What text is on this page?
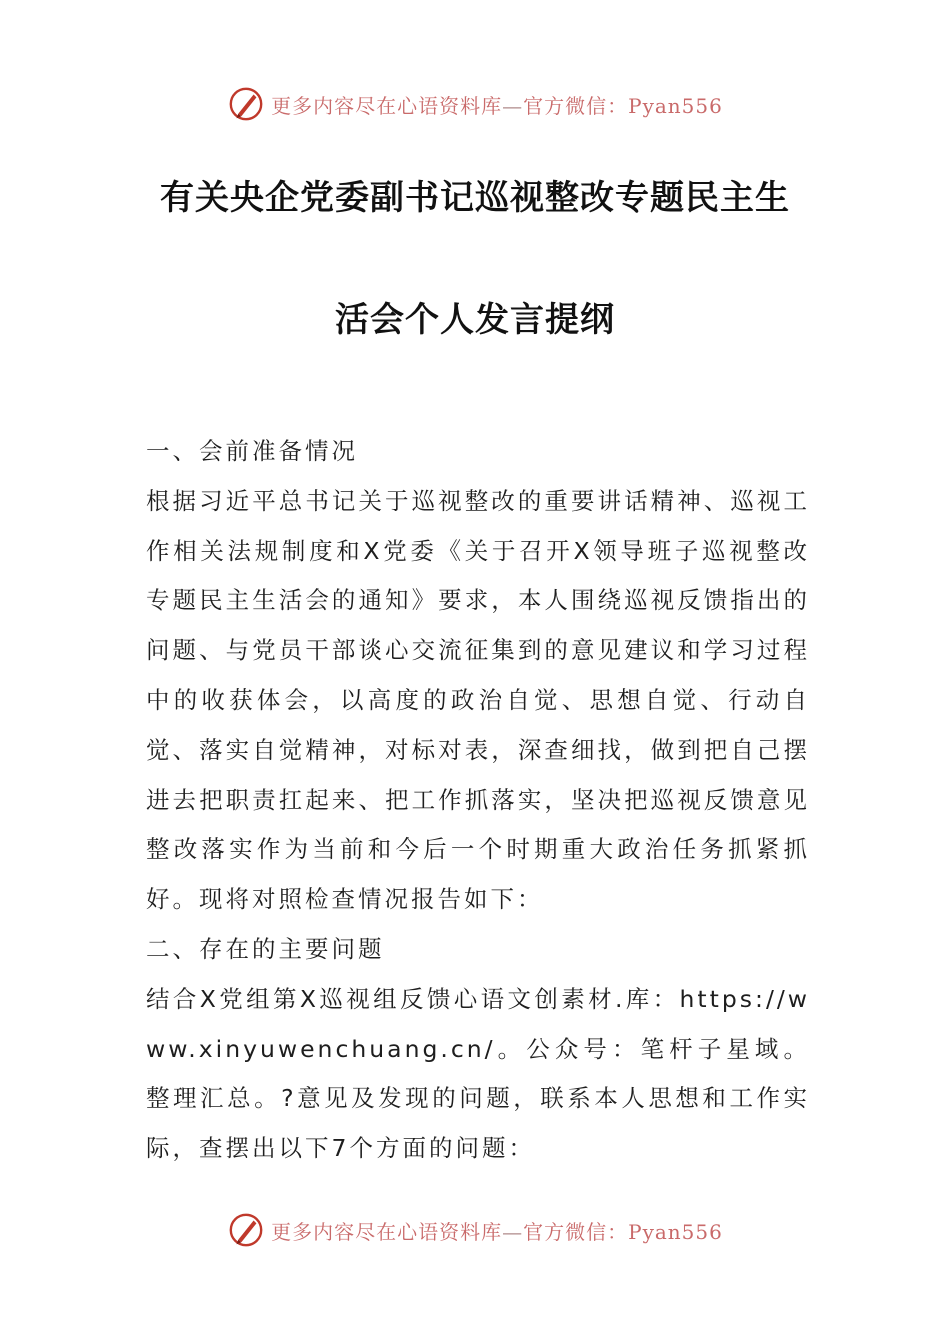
更多内容尽在心语资料库—官方微信：Pyan556
有关央企党委副书记巡视整改专题民主生
活会个人发言提纲

一、会前准备情况

根据习近平总书记关于巡视整改的重要讲话精神、巡视工作相关法规制度和X党委《关于召开X领导班子巡视整改专题民主生活会的通知》要求，本人围绕巡视反馈指出的问题、与党员干部谈心交流征集到的意见建议和学习过程中的收获体会，以高度的政治自觉、思想自觉、行动自觉、落实自觉精神，对标对表，深查细找，做到把自己摆进去把职责扛起来、把工作抓落实，坚决把巡视反馈意见整改落实作为当前和今后一个时期重大政治任务抓紧抓好。现将对照检查情况报告如下：

二、存在的主要问题

结合X党组第X巡视组反馈心语文创素材.库：https://www.xinyuwenchuang.cn/。公众号：笔杆子星域。整理汇总。?意见及发现的问题，联系本人思想和工作实际，查摆出以下7个方面的问题：

更多内容尽在心语资料库—官方微信：Pyan556
